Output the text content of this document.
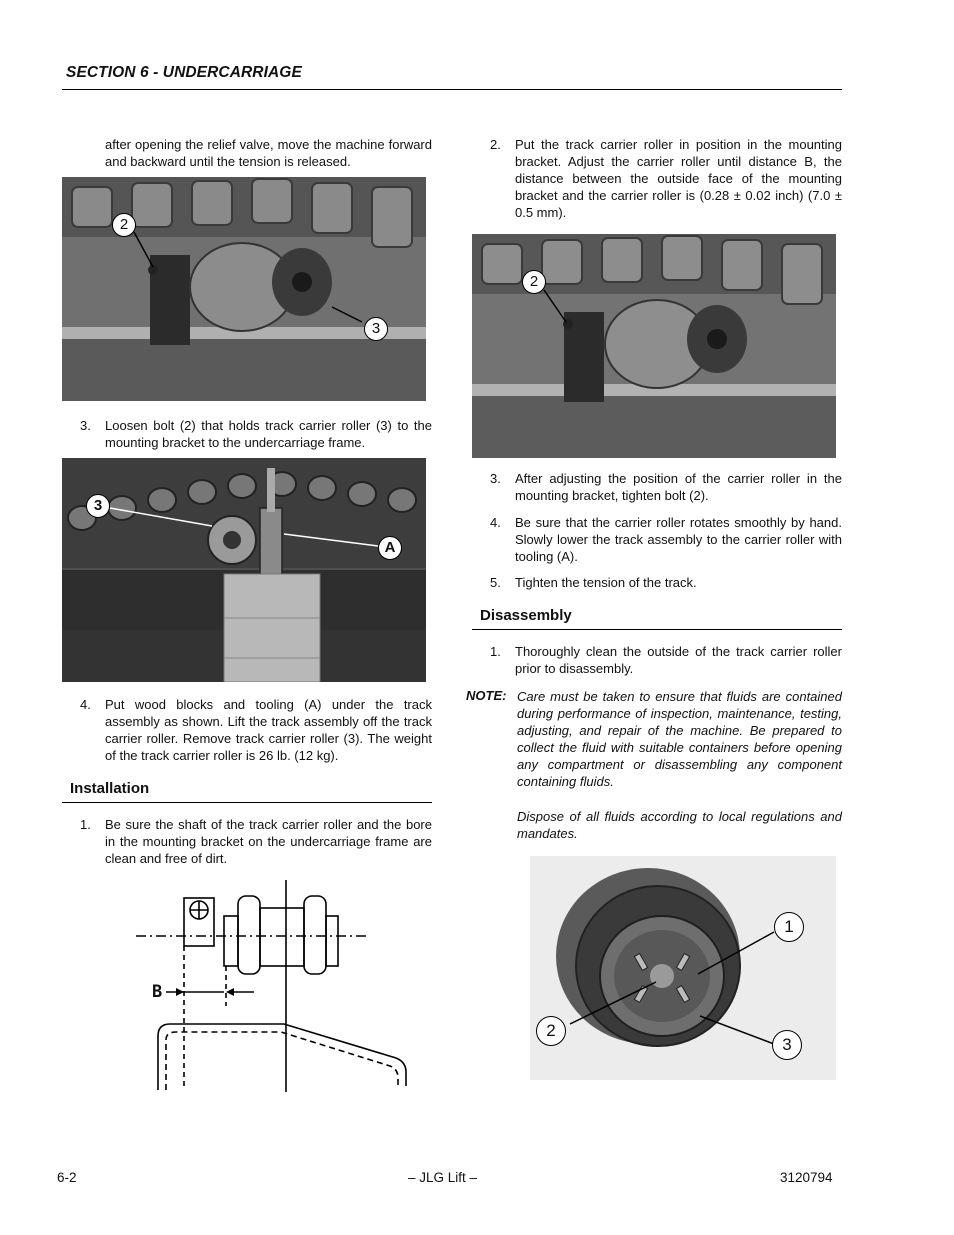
SECTION 6 - UNDERCARRIAGE
after opening the relief valve, move the machine forward and backward until the tension is released.
2
3
3. Loosen bolt (2) that holds track carrier roller (3) to the mounting bracket to the undercarriage frame.
3
A
4. Put wood blocks and tooling (A) under the track assembly as shown. Lift the track assembly off the track carrier roller. Remove track carrier roller (3). The weight of the track carrier roller is 26 lb. (12 kg).
Installation
1. Be sure the shaft of the track carrier roller and the bore in the mounting bracket on the undercarriage frame are clean and free of dirt.
B
2. Put the track carrier roller in position in the mounting bracket. Adjust the carrier roller until distance B, the distance between the outside face of the mounting bracket and the carrier roller is (0.28 ± 0.02 inch) (7.0 ± 0.5 mm).
2
3. After adjusting the position of the carrier roller in the mounting bracket, tighten bolt (2).
4. Be sure that the carrier roller rotates smoothly by hand. Slowly lower the track assembly to the carrier roller with tooling (A).
5. Tighten the tension of the track.
Disassembly
1. Thoroughly clean the outside of the track carrier roller prior to disassembly.
NOTE: Care must be taken to ensure that fluids are contained during performance of inspection, maintenance, testing, adjusting, and repair of the machine. Be prepared to collect the fluid with suitable containers before opening any compartment or disassembling any component containing fluids.
Dispose of all fluids according to local regulations and mandates.
1
2
3
6-2	– JLG Lift –	3120794
